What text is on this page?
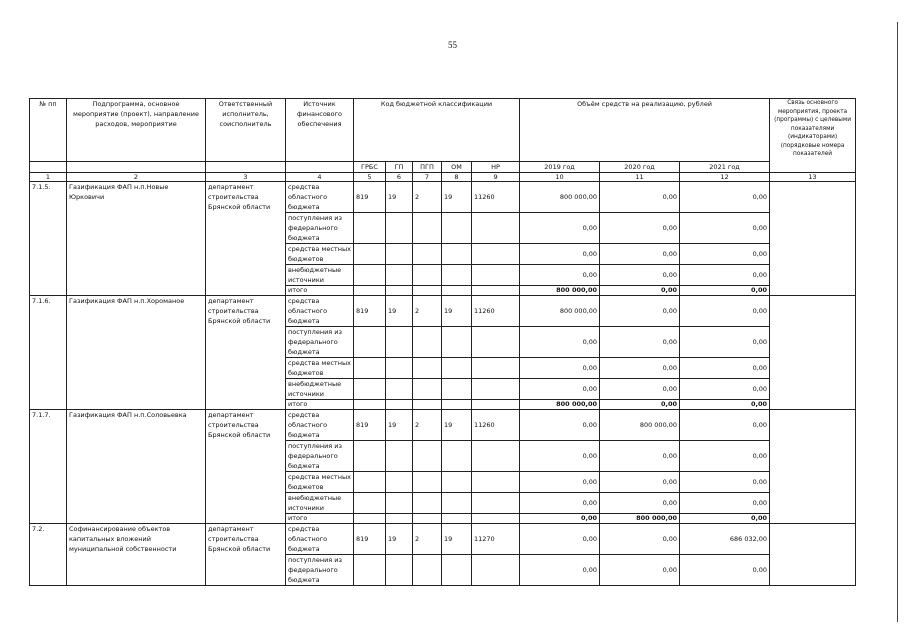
55
№ пп	Подпрограмма, основное мероприятие (проект), направление расходов, мероприятие	Ответственный исполнитель, соисполнитель	Источник финансового обеспечения	Код бюджетной классификации					Объём средств на реализацию, рублей			Связь основного мероприятия, проекта (программы) с целевыми показателями (индикаторами) (порядковые номера показателей
				ГРБС	ГП	ПГП	ОМ	НР	2019 год	2020 год	2021 год	
1	2	3	4	5	6	7	8	9	10	11	12	13
7.1.5.	Газификация ФАП н.п.Новые Юрковичи	департамент строительства Брянской области	средства областного бюджета	819	19	2	19	11260	800 000,00	0,00	0,00	
			поступления из федерального бюджета						0,00	0,00	0,00	
			средства местных бюджетов						0,00	0,00	0,00	
			внебюджетные источники						0,00	0,00	0,00	
			итого						800 000,00	0,00	0,00	
7.1.6.	Газификация ФАП н.п.Хороманое	департамент строительства Брянской области	средства областного бюджета	819	19	2	19	11260	800 000,00	0,00	0,00	
			поступления из федерального бюджета						0,00	0,00	0,00	
			средства местных бюджетов						0,00	0,00	0,00	
			внебюджетные источники						0,00	0,00	0,00	
			итого						800 000,00	0,00	0,00	
7.1.7.	Газификация ФАП н.п.Соловьевка	департамент строительства Брянской области	средства областного бюджета	819	19	2	19	11260	0,00	800 000,00	0,00	
			поступления из федерального бюджета						0,00	0,00	0,00	
			средства местных бюджетов						0,00	0,00	0,00	
			внебюджетные источники						0,00	0,00	0,00	
			итого						0,00	800 000,00	0,00	
7.2.	Софинансирование объектов капитальных вложений муниципальной собственности	департамент строительства Брянской области	средства областного бюджета	819	19	2	19	11270	0,00	0,00	686 032,00	
			поступления из федерального бюджета						0,00	0,00	0,00	
